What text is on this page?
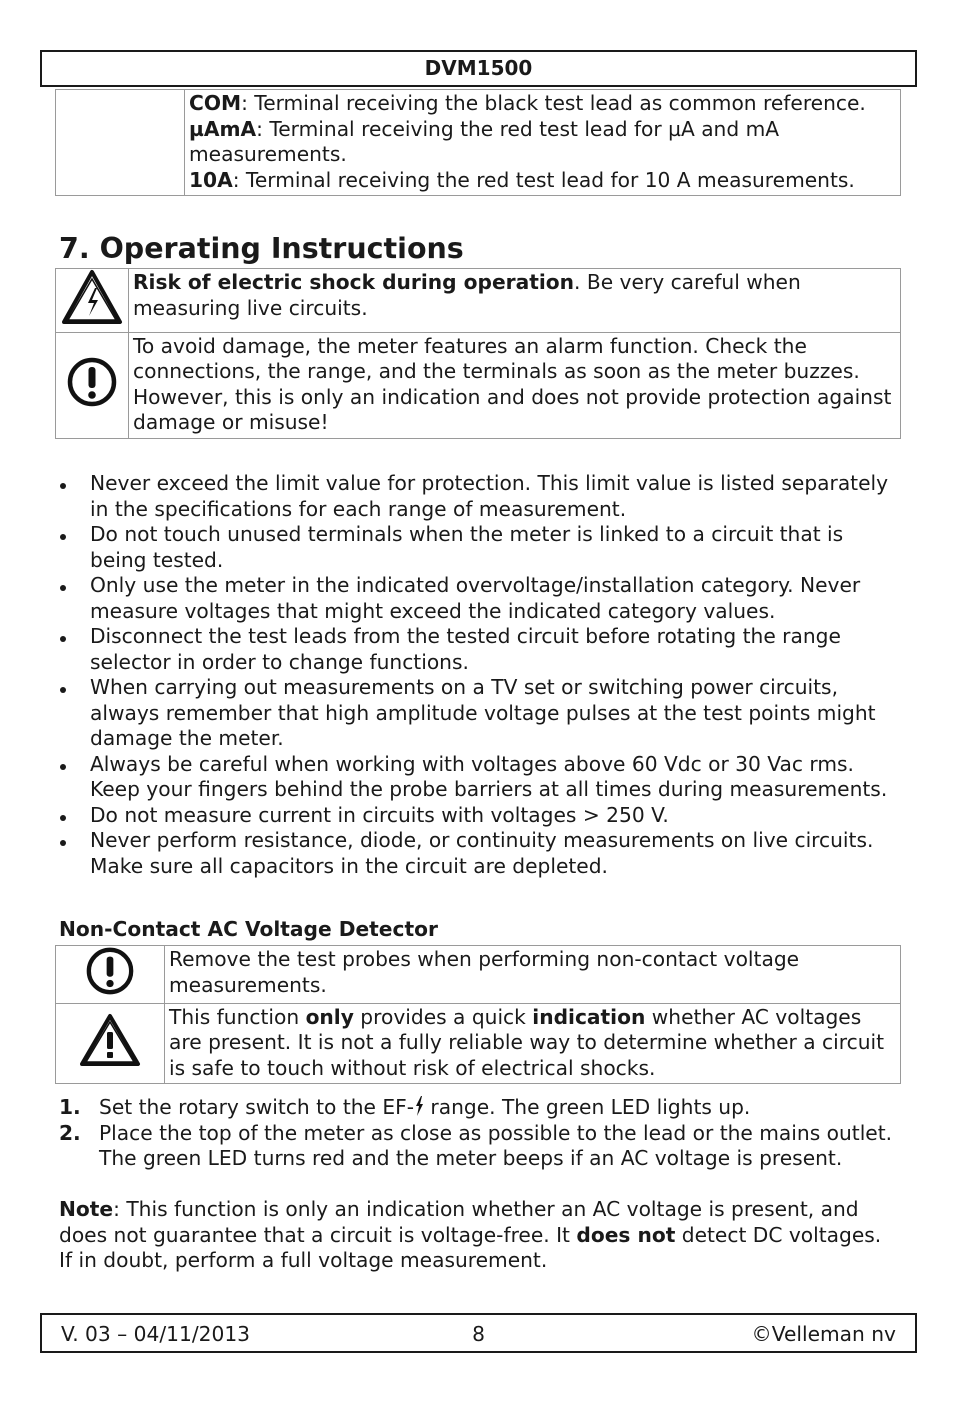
DVM1500

COM: Terminal receiving the black test lead as common reference.
µAmA: Terminal receiving the red test lead for µA and mA measurements.
10A: Terminal receiving the red test lead for 10 A measurements.
7. Operating Instructions
	Risk of electric shock during operation. Be very careful when measuring live circuits.

To avoid damage, the meter features an alarm function. Check the connections, the range, and the terminals as soon as the meter buzzes.
However, this is only an indication and does not provide protection against damage or misuse!
Never exceed the limit value for protection. This limit value is listed separately in the specifications for each range of measurement.
Do not touch unused terminals when the meter is linked to a circuit that is being tested.
Only use the meter in the indicated overvoltage/installation category. Never measure voltages that might exceed the indicated category values.
Disconnect the test leads from the tested circuit before rotating the range selector in order to change functions.
When carrying out measurements on a TV set or switching power circuits, always remember that high amplitude voltage pulses at the test points might damage the meter.
Always be careful when working with voltages above 60 Vdc or 30 Vac rms. Keep your fingers behind the probe barriers at all times during measurements.
Do not measure current in circuits with voltages > 250 V.
Never perform resistance, diode, or continuity measurements on live circuits. Make sure all capacitors in the circuit are depleted.
Non-Contact AC Voltage Detector
	Remove the test probes when performing non-contact voltage measurements.
	This function only provides a quick indication whether AC voltages are present. It is not a fully reliable way to determine whether a circuit is safe to touch without risk of electrical shocks.
1. Set the rotary switch to the EF-
range. The green LED lights up.
2. Place the top of the meter as close as possible to the lead or the mains outlet. The green LED turns red and the meter beeps if an AC voltage is present.
Note: This function is only an indication whether an AC voltage is present, and does not guarantee that a circuit is voltage-free. It does not detect DC voltages. If in doubt, perform a full voltage measurement.
V. 03 – 04/11/2013	8	©Velleman nv
